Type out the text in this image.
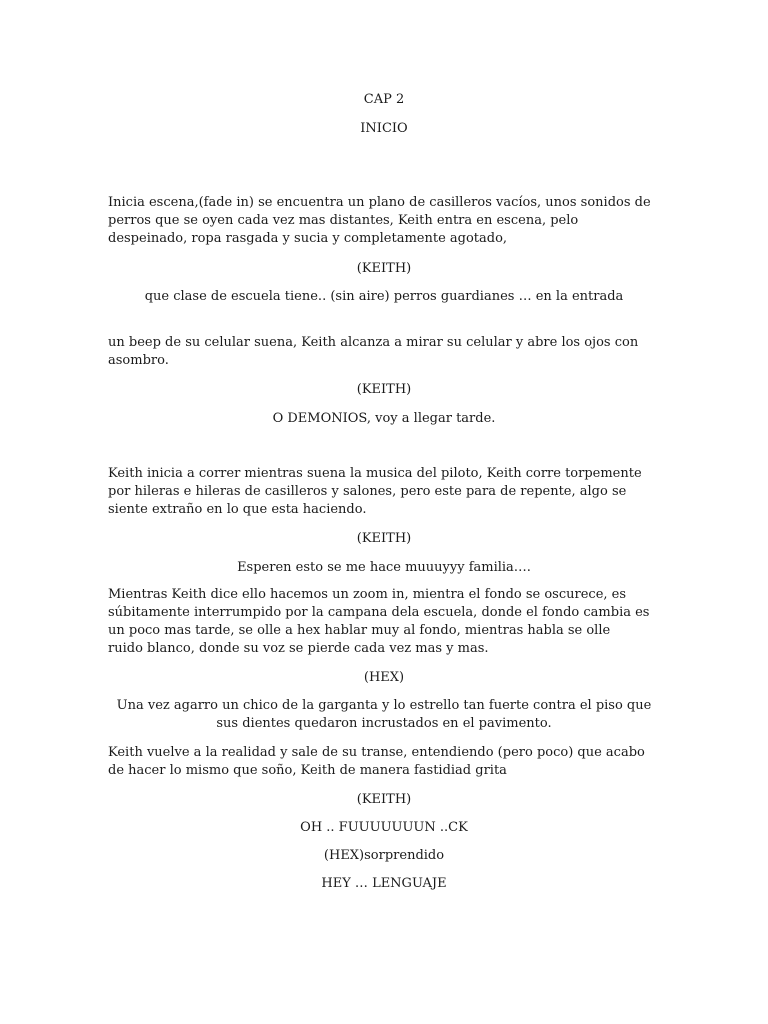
CAP 2
INICIO
Inicia escena,(fade in) se encuentra un plano de casilleros vacíos, unos sonidos de
perros que se oyen cada vez mas distantes, Keith entra en escena, pelo
despeinado, ropa rasgada y sucia y completamente agotado,
(KEITH)
que clase de escuela tiene.. (sin aire) perros guardianes … en la entrada
un beep de su celular suena, Keith alcanza a mirar su celular y abre los ojos con
asombro.
(KEITH)
O DEMONIOS, voy a llegar tarde.
Keith inicia a correr mientras suena la musica del piloto, Keith corre torpemente
por hileras e hileras de casilleros y salones, pero este para de repente, algo se
siente extraño en lo que esta haciendo.
(KEITH)
Esperen esto se me hace muuuyyy familia….
Mientras Keith dice ello hacemos un zoom in, mientra el fondo se oscurece, es
súbitamente interrumpido por la campana dela escuela, donde el fondo cambia es
un poco mas tarde, se olle a hex hablar muy al fondo, mientras habla se olle
ruido blanco, donde su voz se pierde cada vez mas y mas.
(HEX)
Una vez agarro un chico de la garganta y lo estrello tan fuerte contra el piso que
sus dientes quedaron incrustados en el pavimento.
Keith vuelve a la realidad y sale de su transe, entendiendo (pero poco) que acabo
de hacer lo mismo que soño, Keith de manera fastidiad grita
(KEITH)
OH .. FUUUUUUUN ..CK
(HEX)sorprendido
HEY … LENGUAJE
